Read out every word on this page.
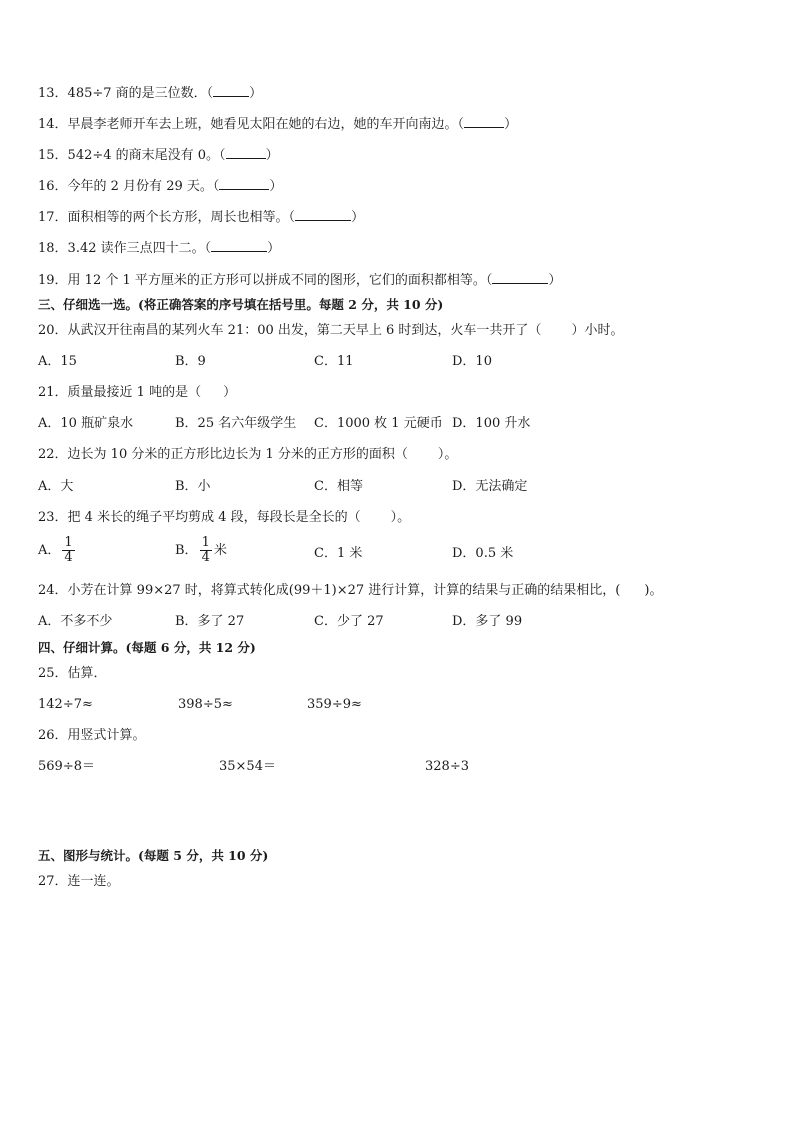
13．485÷7 商的是三位数．（	）
14．早晨李老师开车去上班，她看见太阳在她的右边，她的车开向南边。（	）
15．542÷4 的商末尾没有 0。（	）
16．今年的 2 月份有 29 天。（	）
17．面积相等的两个长方形，周长也相等。（	）
18．3.42 读作三点四十二。（	）
19．用 12 个 1 平方厘米的正方形可以拼成不同的图形，它们的面积都相等。（	）
三、仔细选一选。(将正确答案的序号填在括号里。每题 2 分，共 10 分)
20．从武汉开往南昌的某列火车 21：00 出发，第二天早上 6 时到达，火车一共开了（ ）小时。
A．15	B．9	C．11	D．10
21．质量最接近 1 吨的是（ ）
A．10 瓶矿泉水	B．25 名六年级学生 C．1000 枚 1 元硬币 D．100 升水
22．边长为 10 分米的正方形比边长为 1 分米的正方形的面积（ ）。
A．大	B．小	C．相等	D．无法确定
23．把 4 米长的绳子平均剪成 4 段，每段长是全长的（ ）。
A． $\frac{1}{4}$	B． $\frac{1}{4}$ 米	C．1 米	D．0.5 米
24．小芳在计算 99×27 时，将算式转化成(99＋1)×27 进行计算，计算的结果与正确的结果相比，( )。
A．不多不少	B．多了 27	C．少了 27	D．多了 99
四、仔细计算。(每题 6 分，共 12 分)
25．估算．
142÷7≈	398÷5≈	359÷9≈
26．用竖式计算。
569÷8＝	35×54＝	328÷3
五、图形与统计。(每题 5 分，共 10 分)
27．连一连。
